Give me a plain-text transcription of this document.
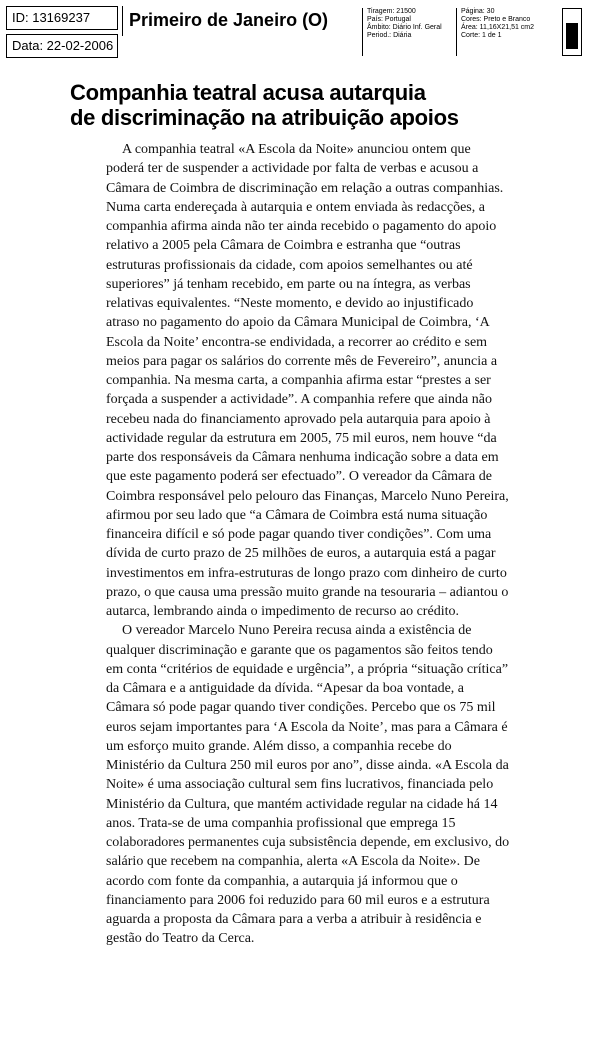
ID: 13169237
Data: 22-02-2006
Primeiro de Janeiro (O)	Tiragem: 21500
País: Portugal
Âmbito: Diário Inf. Geral
Period.: Diária
Página: 30
Cores: Preto e Branco
Área: 11,16X21,51 cm2
Corte: 1 de 1
Companhia teatral acusa autarquia
de discriminação na atribuição apoios

A companhia teatral «A Escola da Noite» anunciou ontem que poderá ter de suspender a actividade por falta de verbas e acusou a Câmara de Coimbra de discriminação em relação a outras companhias. Numa carta endereçada à autarquia e ontem enviada às redacções, a companhia afirma ainda não ter ainda recebido o pagamento do apoio relativo a 2005 pela Câmara de Coimbra e estranha que “outras estruturas profissionais da cidade, com apoios semelhantes ou até superiores” já tenham recebido, em parte ou na íntegra, as verbas relativas equivalentes. “Neste momento, e devido ao injustificado atraso no pagamento do apoio da Câmara Municipal de Coimbra, ‘A Escola da Noite’ encontra-se endividada, a recorrer ao crédito e sem meios para pagar os salários do corrente mês de Fevereiro”, anuncia a companhia. Na mesma carta, a companhia afirma estar “prestes a ser forçada a suspender a actividade”. A companhia refere que ainda não recebeu nada do financiamento aprovado pela autarquia para apoio à actividade regular da estrutura em 2005, 75 mil euros, nem houve “da parte dos responsáveis da Câmara nenhuma indicação sobre a data em que este pagamento poderá ser efectuado”. O vereador da Câmara de Coimbra responsável pelo pelouro das Finanças, Marcelo Nuno Pereira, afirmou por seu lado que “a Câmara de Coimbra está numa situação financeira difícil e só pode pagar quando tiver condições”. Com uma dívida de curto prazo de 25 milhões de euros, a autarquia está a pagar investimentos em infra-estruturas de longo prazo com dinheiro de curto prazo, o que causa uma pressão muito grande na tesouraria – adiantou o autarca, lembrando ainda o impedimento de recurso ao crédito.

O vereador Marcelo Nuno Pereira recusa ainda a existência de qualquer discriminação e garante que os pagamentos são feitos tendo em conta “critérios de equidade e urgência”, a própria “situação crítica” da Câmara e a antiguidade da dívida. “Apesar da boa vontade, a Câmara só pode pagar quando tiver condições. Percebo que os 75 mil euros sejam importantes para ‘A Escola da Noite’, mas para a Câmara é um esforço muito grande. Além disso, a companhia recebe do Ministério da Cultura 250 mil euros por ano”, disse ainda. «A Escola da Noite» é uma associação cultural sem fins lucrativos, financiada pelo Ministério da Cultura, que mantém actividade regular na cidade há 14 anos. Trata-se de uma companhia profissional que emprega 15 colaboradores permanentes cuja subsistência depende, em exclusivo, do salário que recebem na companhia, alerta «A Escola da Noite». De acordo com fonte da companhia, a autarquia já informou que o financiamento para 2006 foi reduzido para 60 mil euros e a estrutura aguarda a proposta da Câmara para a verba a atribuir à residência e gestão do Teatro da Cerca.
